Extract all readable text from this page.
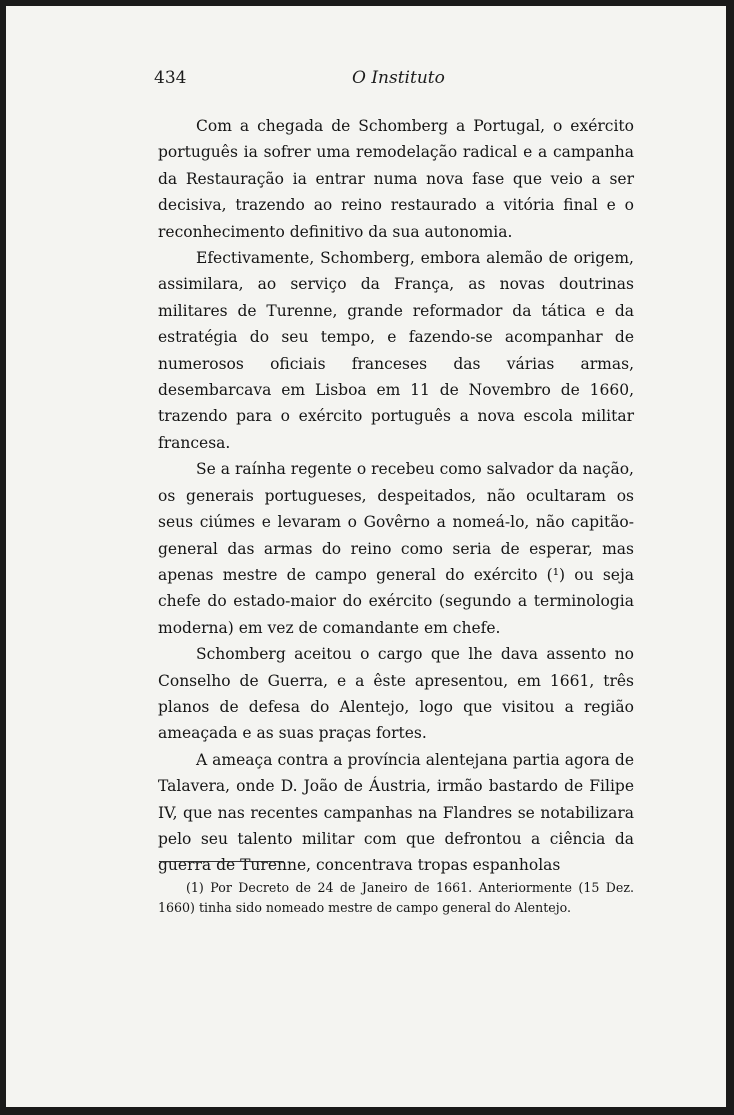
434	O Instituto

Com a chegada de Schomberg a Portugal, o exército português ia sofrer uma remodelação radical e a campanha da Restauração ia entrar numa nova fase que veio a ser decisiva, trazendo ao reino restaurado a vitória final e o reconhecimento definitivo da sua autonomia.

Efectivamente, Schomberg, embora alemão de origem, assimilara, ao serviço da França, as novas doutrinas militares de Turenne, grande reformador da tática e da estratégia do seu tempo, e fazendo-se acompanhar de numerosos oficiais franceses das várias armas, desembarcava em Lisboa em 11 de Novembro de 1660, trazendo para o exército português a nova escola militar francesa.

Se a raínha regente o recebeu como salvador da nação, os generais portugueses, despeitados, não ocultaram os seus ciúmes e levaram o Govêrno a nomeá-lo, não capitão-general das armas do reino como seria de esperar, mas apenas mestre de campo general do exército (¹) ou seja chefe do estado-maior do exército (segundo a terminologia moderna) em vez de comandante em chefe.

Schomberg aceitou o cargo que lhe dava assento no Conselho de Guerra, e a êste apresentou, em 1661, três planos de defesa do Alentejo, logo que visitou a região ameaçada e as suas praças fortes.

A ameaça contra a província alentejana partia agora de Talavera, onde D. João de Áustria, irmão bastardo de Filipe IV, que nas recentes campanhas na Flandres se notabilizara pelo seu talento militar com que defrontou a ciência da guerra de Turenne, concentrava tropas espanholas

(1) Por Decreto de 24 de Janeiro de 1661. Anteriormente (15 Dez. 1660) tinha sido nomeado mestre de campo general do Alentejo.
